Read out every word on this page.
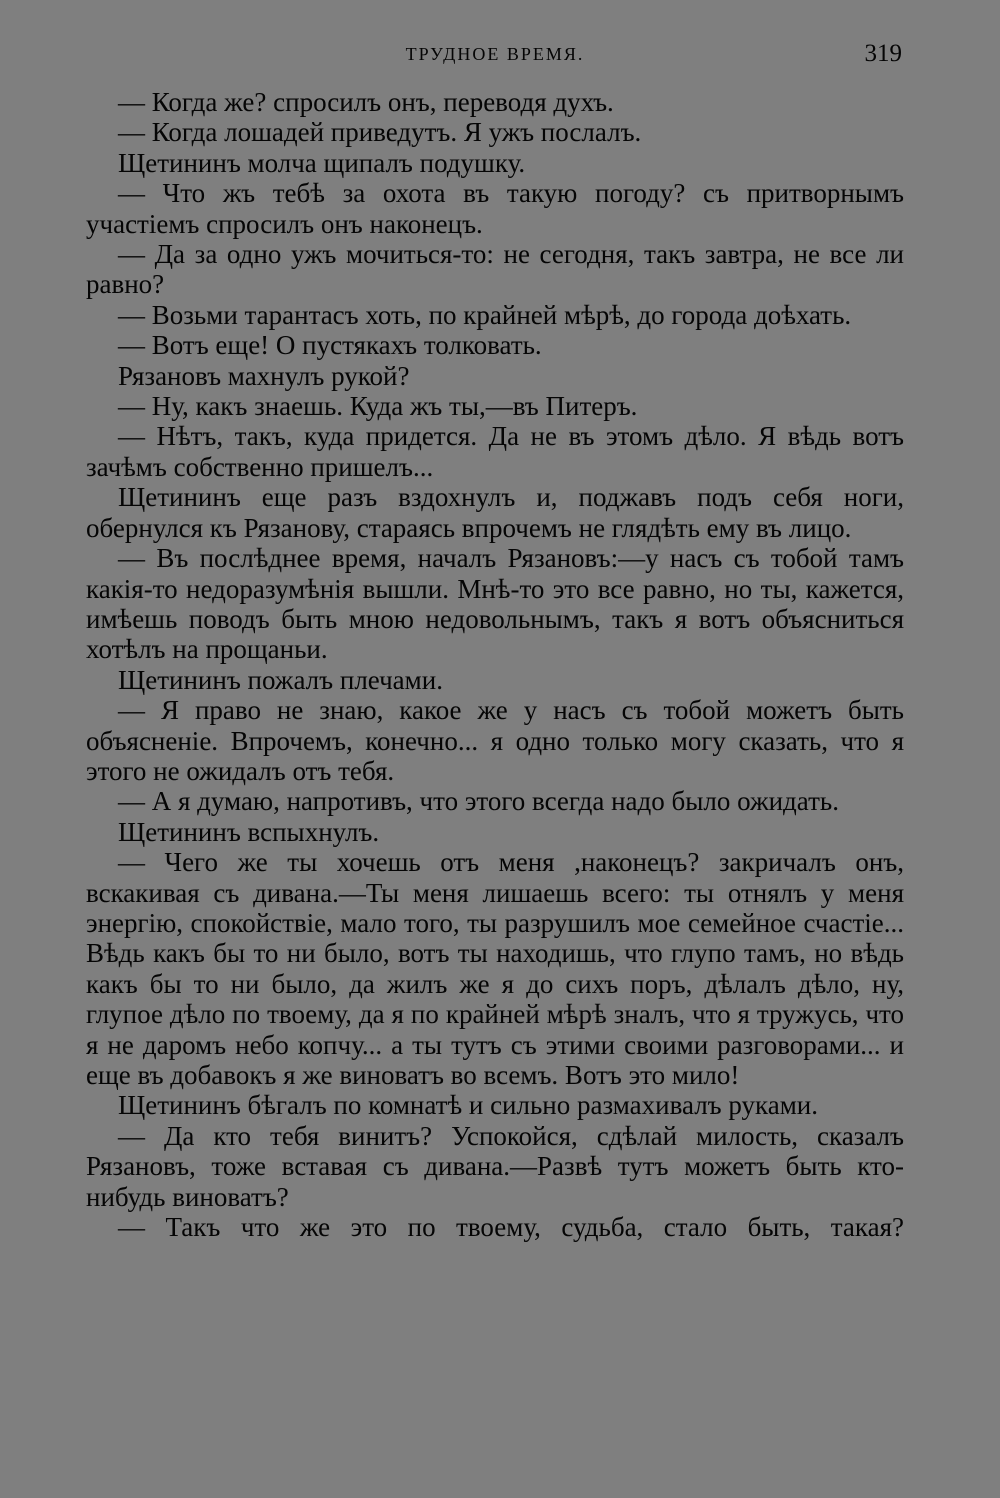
ТРУДНОЕ ВРЕМЯ.	319

— Когда же? спросилъ онъ, переводя духъ.

— Когда лошадей приведутъ. Я ужъ послалъ.

Щетининъ молча щипалъ подушку.

— Что жъ тебѣ за охота въ такую погоду? съ притворнымъ участіемъ спросилъ онъ наконецъ.

— Да за одно ужъ мочиться-то: не сегодня, такъ завтра, не все ли равно?

— Возьми тарантасъ хоть, по крайней мѣрѣ, до города доѣхать.

— Вотъ еще! О пустякахъ толковать.

Рязановъ махнулъ рукой?

— Ну, какъ знаешь. Куда жъ ты,—въ Питеръ.

— Нѣтъ, такъ, куда придется. Да не въ этомъ дѣло. Я вѣдь вотъ зачѣмъ собственно пришелъ...

Щетининъ еще разъ вздохнулъ и, поджавъ подъ себя ноги, обернулся къ Рязанову, стараясь впрочемъ не глядѣть ему въ лицо.

— Въ послѣднее время, началъ Рязановъ:—у насъ съ тобой тамъ какія-то недоразумѣнія вышли. Мнѣ-то это все равно, но ты, кажется, имѣешь поводъ быть мною недовольнымъ, такъ я вотъ объясниться хотѣлъ на прощаньи.

Щетининъ пожалъ плечами.

— Я право не знаю, какое же у насъ съ тобой можетъ быть объясненіе. Впрочемъ, конечно... я одно только могу сказать, что я этого не ожидалъ отъ тебя.

— А я думаю, напротивъ, что этого всегда надо было ожидать.

Щетининъ вспыхнулъ.

— Чего же ты хочешь отъ меня ,наконецъ? закричалъ онъ, вскакивая съ дивана.—Ты меня лишаешь всего: ты отнялъ у меня энергію, спокойствіе, мало того, ты разрушилъ мое семейное счастіе... Вѣдь какъ бы то ни было, вотъ ты находишь, что глупо тамъ, но вѣдь какъ бы то ни было, да жилъ же я до сихъ поръ, дѣлалъ дѣло, ну, глупое дѣло по твоему, да я по крайней мѣрѣ зналъ, что я тружусь, что я не даромъ небо копчу... а ты тутъ съ этими своими разговорами... и еще въ добавокъ я же виноватъ во всемъ. Вотъ это мило!

Щетининъ бѣгалъ по комнатѣ и сильно размахивалъ руками.

— Да кто тебя винитъ? Успокойся, сдѣлай милость, сказалъ Рязановъ, тоже вставая съ дивана.—Развѣ тутъ можетъ быть кто-нибудь виноватъ?

— Такъ что же это по твоему, судьба, стало быть, такая?
